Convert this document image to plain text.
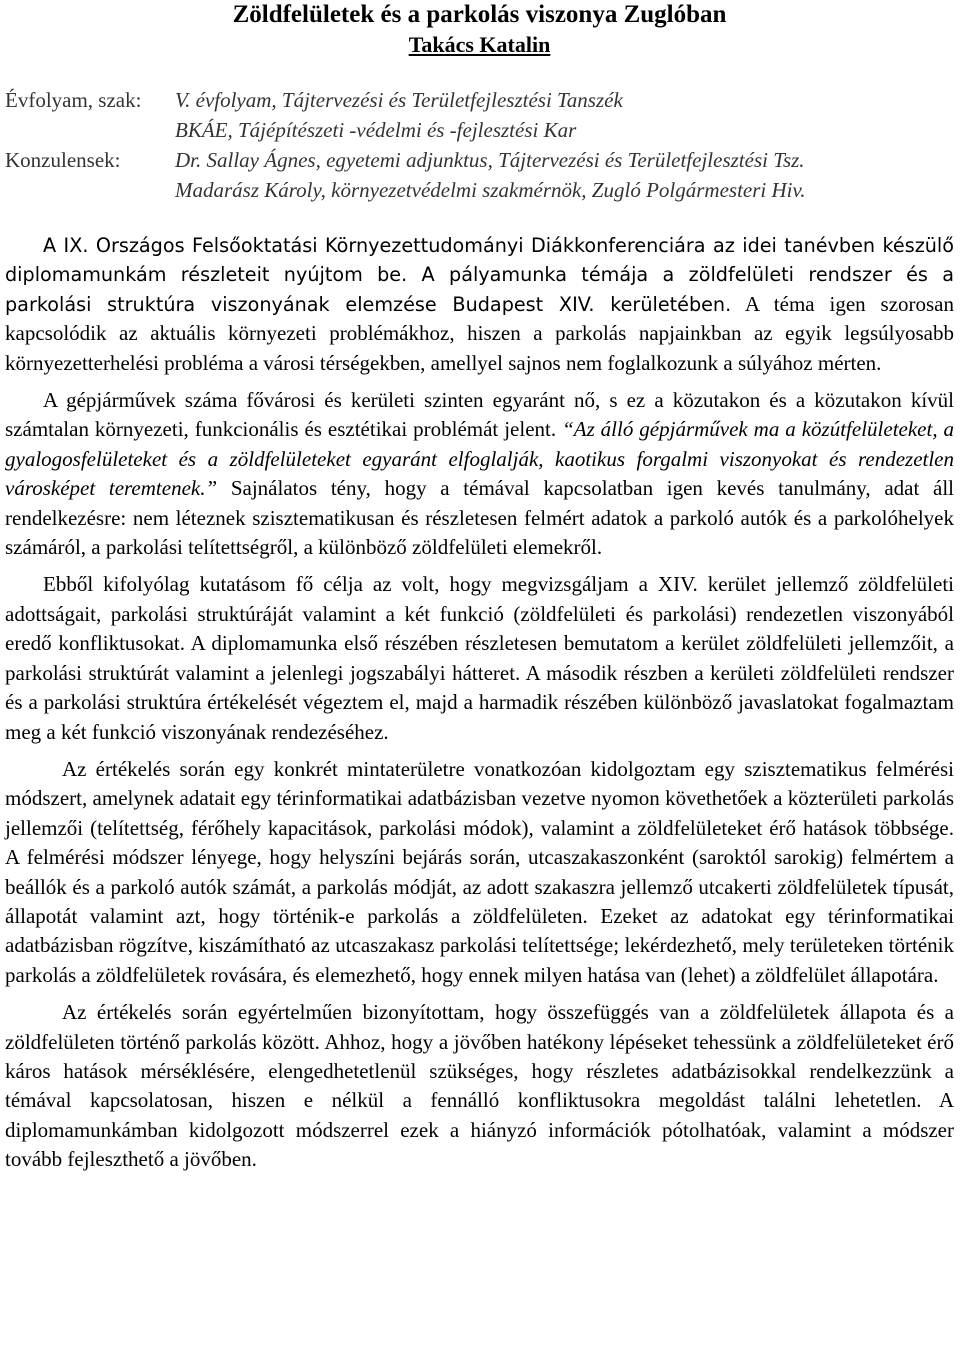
Zöldfelületek és a parkolás viszonya Zuglóban
Takács Katalin
Évfolyam, szak:	V. évfolyam, Tájtervezési és Területfejlesztési Tanszék
BKÁE, Tájépítészeti -védelmi és -fejlesztési Kar
Konzulensek:	Dr. Sallay Ágnes, egyetemi adjunktus, Tájtervezési és Területfejlesztési Tsz.
Madarász Károly, környezetvédelmi szakmérnök, Zugló Polgármesteri Hiv.

A IX. Országos Felsőoktatási Környezettudományi Diákkonferenciára az idei tanévben készülő diplomamunkám részleteit nyújtom be. A pályamunka témája a zöldfelületi rendszer és a parkolási struktúra viszonyának elemzése Budapest XIV. kerületében. A téma igen szorosan kapcsolódik az aktuális környezeti problémákhoz, hiszen a parkolás napjainkban az egyik legsúlyosabb környezetterhelési probléma a városi térségekben, amellyel sajnos nem foglalkozunk a súlyához mérten.

A gépjárművek száma fővárosi és kerületi szinten egyaránt nő, s ez a közutakon és a közutakon kívül számtalan környezeti, funkcionális és esztétikai problémát jelent. “Az álló gépjárművek ma a közútfelületeket, a gyalogosfelületeket és a zöldfelületeket egyaránt elfoglalják, kaotikus forgalmi viszonyokat és rendezetlen városképet teremtenek.” Sajnálatos tény, hogy a témával kapcsolatban igen kevés tanulmány, adat áll rendelkezésre: nem léteznek szisztematikusan és részletesen felmért adatok a parkoló autók és a parkolóhelyek számáról, a parkolási telítettségről, a különböző zöldfelületi elemekről.

Ebből kifolyólag kutatásom fő célja az volt, hogy megvizsgáljam a XIV. kerület jellemző zöldfelületi adottságait, parkolási struktúráját valamint a két funkció (zöldfelületi és parkolási) rendezetlen viszonyából eredő konfliktusokat. A diplomamunka első részében részletesen bemutatom a kerület zöldfelületi jellemzőit, a parkolási struktúrát valamint a jelenlegi jogszabályi hátteret. A második részben a kerületi zöldfelületi rendszer és a parkolási struktúra értékelését végeztem el, majd a harmadik részében különböző javaslatokat fogalmaztam meg a két funkció viszonyának rendezéséhez.

Az értékelés során egy konkrét mintaterületre vonatkozóan kidolgoztam egy szisztematikus felmérési módszert, amelynek adatait egy térinformatikai adatbázisban vezetve nyomon követhetőek a közterületi parkolás jellemzői (telítettség, férőhely kapacitások, parkolási módok), valamint a zöldfelületeket érő hatások többsége. A felmérési módszer lényege, hogy helyszíni bejárás során, utcaszakaszonként (saroktól sarokig) felmértem a beállók és a parkoló autók számát, a parkolás módját, az adott szakaszra jellemző utcakerti zöldfelületek típusát, állapotát valamint azt, hogy történik-e parkolás a zöldfelületen. Ezeket az adatokat egy térinformatikai adatbázisban rögzítve, kiszámítható az utcaszakasz parkolási telítettsége; lekérdezhető, mely területeken történik parkolás a zöldfelületek rovására, és elemezhető, hogy ennek milyen hatása van (lehet) a zöldfelület állapotára.

Az értékelés során egyértelműen bizonyítottam, hogy összefüggés van a zöldfelületek állapota és a zöldfelületen történő parkolás között. Ahhoz, hogy a jövőben hatékony lépéseket tehessünk a zöldfelületeket érő káros hatások mérséklésére, elengedhetetlenül szükséges, hogy részletes adatbázisokkal rendelkezzünk a témával kapcsolatosan, hiszen e nélkül a fennálló konfliktusokra megoldást találni lehetetlen. A diplomamunkámban kidolgozott módszerrel ezek a hiányzó információk pótolhatóak, valamint a módszer tovább fejleszthető a jövőben.
